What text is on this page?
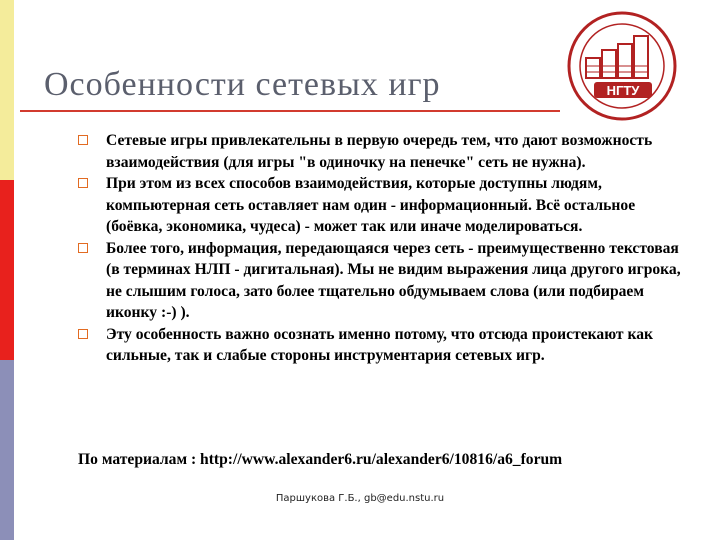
Особенности сетевых игр	НГТУ
Сетевые игры привлекательны в первую очередь тем, что дают возможность взаимодействия (для игры "в одиночку на пенечке" сеть не нужна).
При этом из всех способов взаимодействия, которые доступны людям, компьютерная сеть оставляет нам один - информационный. Всё остальное (боёвка, экономика, чудеса) - может так или иначе моделироваться.
Более того, информация, передающаяся через сеть - преимущественно текстовая (в терминах НЛП - дигитальная). Мы не видим выражения лица другого игрока, не слышим голоса, зато более тщательно обдумываем слова (или подбираем иконку :-) ).
Эту особенность важно осознать именно потому, что отсюда проистекают как сильные, так и слабые стороны инструментария сетевых игр.
По материалам : http://www.alexander6.ru/alexander6/10816/a6_forum
Паршукова Г.Б., gb@edu.nstu.ru
